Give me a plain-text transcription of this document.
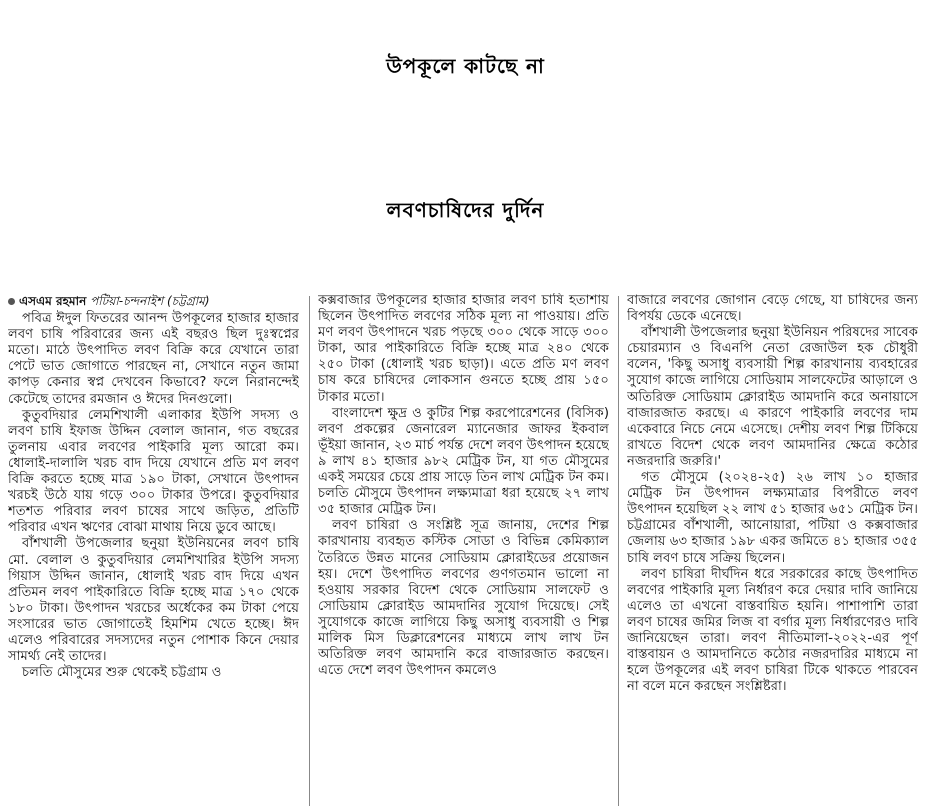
উপকূলে কাটছে না
লবণচাষিদের দুর্দিন

এসএম রহমান পটিয়া-চন্দনাইশ (চট্টগ্রাম)

পবিত্র ঈদুল ফিতরের আনন্দ উপকূলের হাজার হাজার লবণ চাষি পরিবারের জন্য এই বছরও ছিল দুঃস্বপ্নের মতো। মাঠে উৎপাদিত লবণ বিক্রি করে যেখানে তারা পেটে ভাত জোগাতে পারছেন না, সেখানে নতুন জামা কাপড় কেনার স্বপ্ন দেখবেন কিভাবে? ফলে নিরানন্দেই কেটেছে তাদের রমজান ও ঈদের দিনগুলো।

কুতুবদিয়ার লেমশিখালী এলাকার ইউপি সদস্য ও লবণ চাষি ইফাজ উদ্দিন বেলাল জানান, গত বছরের তুলনায় এবার লবণের পাইকারি মূল্য আরো কম। ধোলাই-দালালি খরচ বাদ দিয়ে যেখানে প্রতি মণ লবণ বিক্রি করতে হচ্ছে মাত্র ১৯০ টাকা, সেখানে উৎপাদন খরচই উঠে যায় গড়ে ৩০০ টাকার উপরে। কুতুবদিয়ার শতশত পরিবার লবণ চাষের সাথে জড়িত, প্রতিটি পরিবার এখন ঋণের বোঝা মাথায় নিয়ে ডুবে আছে।

বাঁশখালী উপজেলার ছনুয়া ইউনিয়নের লবণ চাষি মো. বেলাল ও কুতুবদিয়ার লেমশিখারির ইউপি সদস্য গিয়াস উদ্দিন জানান, ধোলাই খরচ বাদ দিয়ে এখন প্রতিমন লবণ পাইকারিতে বিক্রি হচ্ছে মাত্র ১৭০ থেকে ১৮০ টাকা। উৎপাদন খরচের অর্ধেকের কম টাকা পেয়ে সংসারের ভাত জোগাতেই হিমশিম খেতে হচ্ছে। ঈদ এলেও পরিবারের সদস্যদের নতুন পোশাক কিনে দেয়ার সামর্থ্য নেই তাদের।

চলতি মৌসুমের শুরু থেকেই চট্টগ্রাম ও

কক্সবাজার উপকূলের হাজার হাজার লবণ চাষি হতাশায় ছিলেন উৎপাদিত লবণের সঠিক মূল্য না পাওয়ায়। প্রতি মণ লবণ উৎপাদনে খরচ পড়ছে ৩০০ থেকে সাড়ে ৩০০ টাকা, আর পাইকারিতে বিক্রি হচ্ছে মাত্র ২৪০ থেকে ২৫০ টাকা (ধোলাই খরচ ছাড়া)। এতে প্রতি মণ লবণ চাষ করে চাষিদের লোকসান গুনতে হচ্ছে প্রায় ১৫০ টাকার মতো।

বাংলাদেশ ক্ষুদ্র ও কুটির শিল্প করপোরেশনের (বিসিক) লবণ প্রকল্পের জেনারেল ম্যানেজার জাফর ইকবাল ভূঁইয়া জানান, ২৩ মার্চ পর্যন্ত দেশে লবণ উৎপাদন হয়েছে ৯ লাখ ৪১ হাজার ৯৮২ মেট্রিক টন, যা গত মৌসুমের একই সময়ের চেয়ে প্রায় সাড়ে তিন লাখ মেট্রিক টন কম। চলতি মৌসুমে উৎপাদন লক্ষ্যমাত্রা ধরা হয়েছে ২৭ লাখ ৩৫ হাজার মেট্রিক টন।

লবণ চাষিরা ও সংশ্লিষ্ট সূত্র জানায়, দেশের শিল্প কারখানায় ব্যবহৃত কস্টিক সোডা ও বিভিন্ন কেমিক্যাল তৈরিতে উন্নত মানের সোডিয়াম ক্লোরাইডের প্রয়োজন হয়। দেশে উৎপাদিত লবণের গুণগতমান ভালো না হওয়ায় সরকার বিদেশ থেকে সোডিয়াম সালফেট ও সোডিয়াম ক্লোরাইড আমদানির সুযোগ দিয়েছে। সেই সুযোগকে কাজে লাগিয়ে কিছু অসাধু ব্যবসায়ী ও শিল্প মালিক মিস ডিক্লারেশনের মাধ্যমে লাখ লাখ টন অতিরিক্ত লবণ আমদানি করে বাজারজাত করছেন। এতে দেশে লবণ উৎপাদন কমলেও

বাজারে লবণের জোগান বেড়ে গেছে, যা চাষিদের জন্য বিপর্যয় ডেকে এনেছে।

বাঁশখালী উপজেলার ছনুয়া ইউনিয়ন পরিষদের সাবেক চেয়ারম্যান ও বিএনপি নেতা রেজাউল হক চৌধুরী বলেন, 'কিছু অসাধু ব্যবসায়ী শিল্প কারখানায় ব্যবহারের সুযোগ কাজে লাগিয়ে সোডিয়াম সালফেটের আড়ালে ও অতিরিক্ত সোডিয়াম ক্লোরাইড আমদানি করে অনায়াসে বাজারজাত করছে। এ কারণে পাইকারি লবণের দাম একেবারে নিচে নেমে এসেছে। দেশীয় লবণ শিল্প টিকিয়ে রাখতে বিদেশ থেকে লবণ আমদানির ক্ষেত্রে কঠোর নজরদারি জরুরি।'

গত মৌসুমে (২০২৪-২৫) ২৬ লাখ ১০ হাজার মেট্রিক টন উৎপাদন লক্ষ্যমাত্রার বিপরীতে লবণ উৎপাদন হয়েছিল ২২ লাখ ৫১ হাজার ৬৫১ মেট্রিক টন। চট্টগ্রামের বাঁশখালী, আনোয়ারা, পটিয়া ও কক্সবাজার জেলায় ৬৩ হাজার ১৯৮ একর জমিতে ৪১ হাজার ৩৫৫ চাষি লবণ চাষে সক্রিয় ছিলেন।

লবণ চাষিরা দীর্ঘদিন ধরে সরকারের কাছে উৎপাদিত লবণের পাইকারি মূল্য নির্ধারণ করে দেয়ার দাবি জানিয়ে এলেও তা এখনো বাস্তবায়িত হয়নি। পাশাপাশি তারা লবণ চাষের জমির লিজ বা বর্গার মূল্য নির্ধারণেরও দাবি জানিয়েছেন তারা। লবণ নীতিমালা-২০২২-এর পূর্ণ বাস্তবায়ন ও আমদানিতে কঠোর নজরদারির মাধ্যমে না হলে উপকূলের এই লবণ চাষিরা টিকে থাকতে পারবেন না বলে মনে করছেন সংশ্লিষ্টরা।
